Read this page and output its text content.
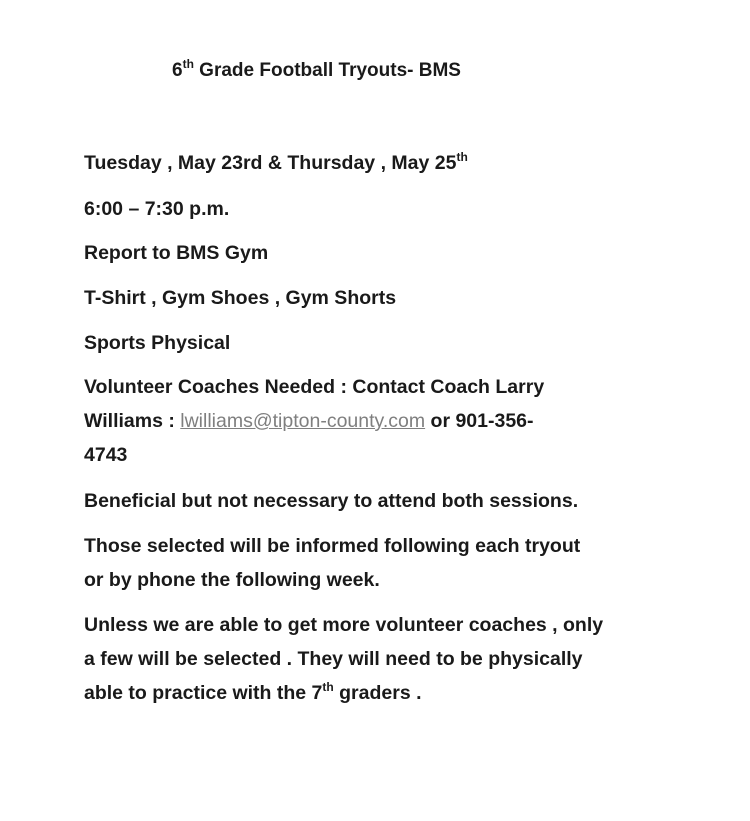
6th Grade Football Tryouts- BMS
Tuesday , May 23rd & Thursday , May 25th
6:00 – 7:30 p.m.
Report to BMS Gym
T-Shirt , Gym Shoes , Gym Shorts
Sports Physical
Volunteer Coaches Needed : Contact Coach Larry
Williams : lwilliams@tipton-county.com or 901-356-
4743
Beneficial but not necessary to attend both sessions.
Those selected will be informed following each tryout
or by phone the following week.
Unless we are able to get more volunteer coaches , only
a few will be selected . They will need to be physically
able to practice with the 7th graders .
